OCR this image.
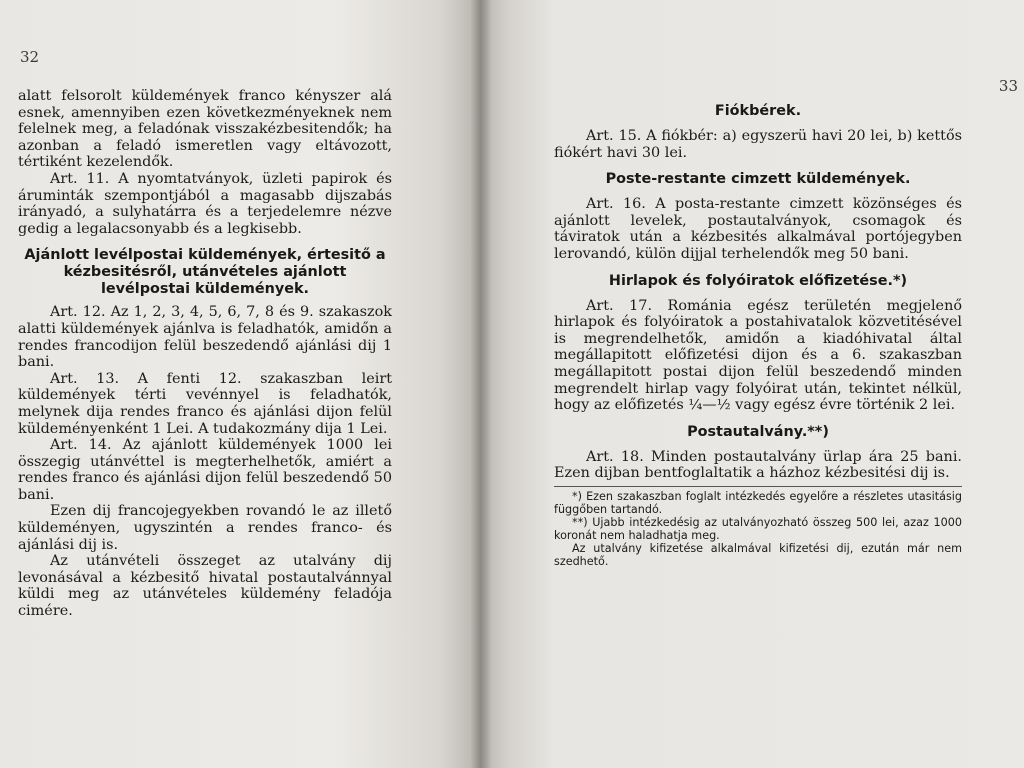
32

alatt felsorolt küldemények franco kényszer alá esnek, amennyiben ezen következményeknek nem felelnek meg, a feladónak visszakézbesitendők; ha azonban a feladó ismeretlen vagy eltávozott, tértiként kezelendők.

Art. 11. A nyomtatványok, üzleti papirok és áruminták szempontjából a magasabb dijszabás irányadó, a sulyhatárra és a terjedelemre nézve gedig a legalacsonyabb és a legkisebb.

Ajánlott levélpostai küldemények, értesitő a kézbesitésről, utánvételes ajánlott levélpostai küldemények.

Art. 12. Az 1, 2, 3, 4, 5, 6, 7, 8 és 9. szakaszok alatti küldemények ajánlva is feladhatók, amidőn a rendes francodijon felül beszedendő ajánlási dij 1 bani.

Art. 13. A fenti 12. szakaszban leirt küldemények térti vevénnyel is feladhatók, melynek dija rendes franco és ajánlási dijon felül küldeményenként 1 Lei. A tudakozmány dija 1 Lei.

Art. 14. Az ajánlott küldemények 1000 lei összegig utánvéttel is megterhelhetők, amiért a rendes franco és ajánlási dijon felül beszedendő 50 bani.

Ezen dij francojegyekben rovandó le az illető küldeményen, ugyszintén a rendes franco- és ajánlási dij is.

Az utánvételi összeget az utalvány dij levonásával a kézbesitő hivatal postautalvánnyal küldi meg az utánvételes küldemény feladója cimére.

33
Fiókbérek.

Art. 15. A fiókbér: a) egyszerü havi 20 lei, b) kettős fiókért havi 30 lei.

Poste-restante cimzett küldemények.

Art. 16. A posta-restante cimzett közönséges és ajánlott levelek, postautalványok, csomagok és táviratok után a kézbesités alkalmával portójegyben lerovandó, külön dijjal terhelendők meg 50 bani.

Hirlapok és folyóiratok előfizetése.*)

Art. 17. Románia egész területén megjelenő hirlapok és folyóiratok a postahivatalok közvetitésével is megrendelhetők, amidőn a kiadóhivatal által megállapitott előfizetési dijon és a 6. szakaszban megállapitott postai dijon felül beszedendő minden megrendelt hirlap vagy folyóirat után, tekintet nélkül, hogy az előfizetés ¼—½ vagy egész évre történik 2 lei.

Postautalvány.**)

Art. 18. Minden postautalvány ürlap ára 25 bani. Ezen dijban bentfoglaltatik a házhoz kézbesitési dij is.

*) Ezen szakaszban foglalt intézkedés egyelőre a részletes utasitásig függőben tartandó.

**) Ujabb intézkedésig az utalványozható összeg 500 lei, azaz 1000 koronát nem haladhatja meg.

Az utalvány kifizetése alkalmával kifizetési dij, ezután már nem szedhető.
